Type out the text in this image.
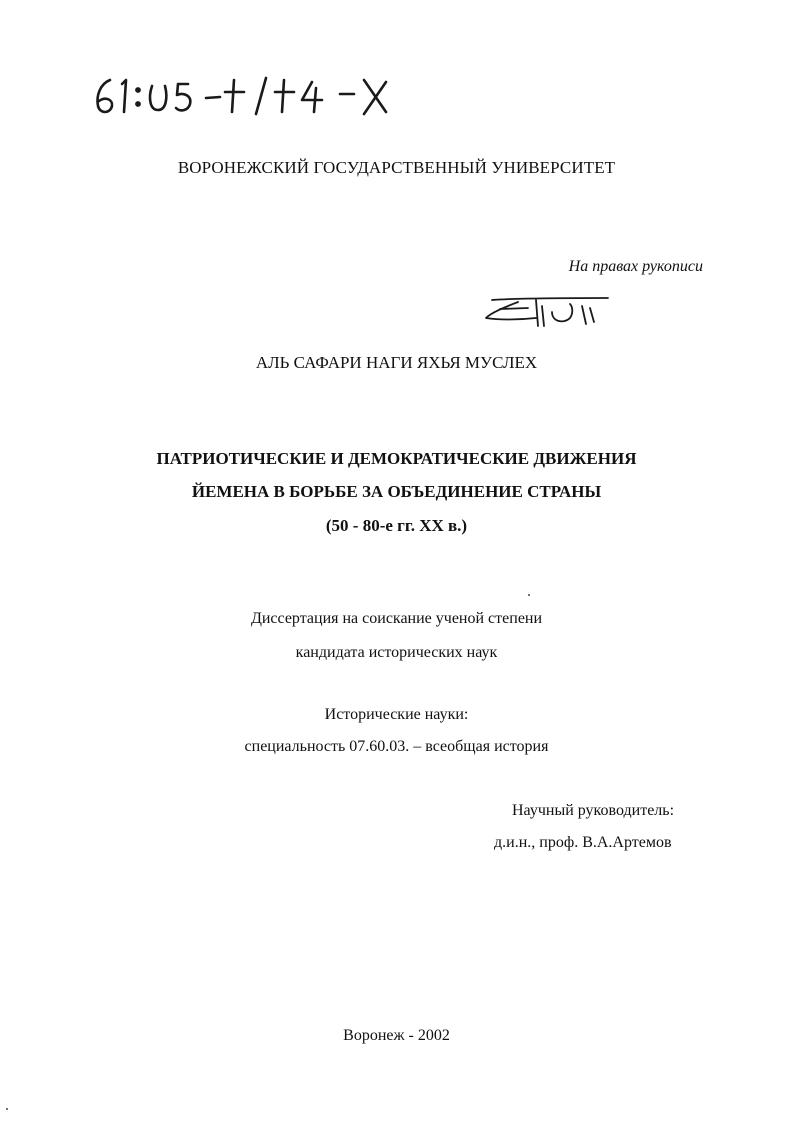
ВОРОНЕЖСКИЙ ГОСУДАРСТВЕННЫЙ УНИВЕРСИТЕТ
На правах рукописи
АЛЬ САФАРИ НАГИ ЯХЬЯ МУСЛЕХ
ПАТРИОТИЧЕСКИЕ И ДЕМОКРАТИЧЕСКИЕ ДВИЖЕНИЯ
ЙЕМЕНА В БОРЬБЕ ЗА ОБЪЕДИНЕНИЕ СТРАНЫ
(50 - 80-е гг. XX в.)
Диссертация на соискание ученой степени
кандидата исторических наук
Исторические науки:
специальность 07.60.03. – всеобщая история
Научный руководитель:
д.и.н., проф. В.А.Артемов
Воронеж - 2002
